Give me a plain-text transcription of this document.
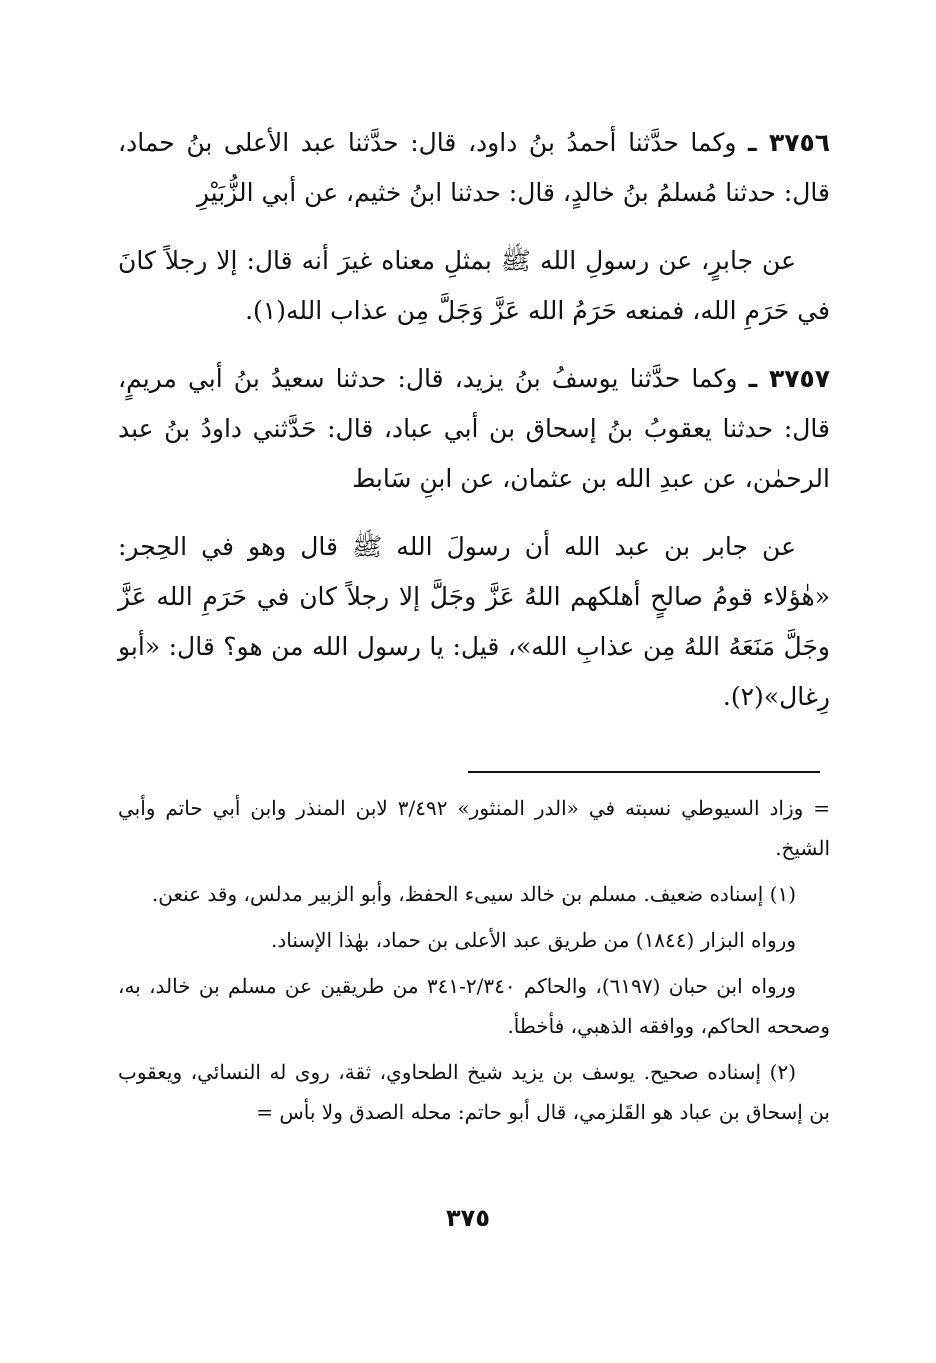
٣٧٥٦ ـ وكما حدَّثنا أحمدُ بنُ داود، قال: حدَّثنا عبد الأعلى بنُ حماد، قال: حدثنا مُسلمُ بنُ خالدٍ، قال: حدثنا ابنُ خثيم، عن أبي الزُّبَيْرِ

عن جابرٍ، عن رسولِ الله ﷺ بمثلِ معناه غيرَ أنه قال: إلا رجلاً كانَ في حَرَمِ الله، فمنعه حَرَمُ الله عَزَّ وَجَلَّ مِن عذاب الله(١).

٣٧٥٧ ـ وكما حدَّثنا يوسفُ بنُ يزيد، قال: حدثنا سعيدُ بنُ أبي مريمٍ، قال: حدثنا يعقوبُ بنُ إسحاق بن أبي عباد، قال: حَدَّثني داودُ بنُ عبد الرحمٰن، عن عبدِ الله بن عثمان، عن ابنِ سَابط

عن جابر بن عبد الله أن رسولَ الله ﷺ قال وهو في الحِجر: «هٰؤلاء قومُ صالحٍ أهلكهم اللهُ عَزَّ وجَلَّ إلا رجلاً كان في حَرَمِ الله عَزَّ وجَلَّ مَنَعَهُ اللهُ مِن عذابِ الله»، قيل: يا رسول الله من هو؟ قال: «أبو رِغال»(٢).

= وزاد السيوطي نسبته في «الدر المنثور» ٣/٤٩٢ لابن المنذر وابن أبي حاتم وأبي الشيخ.

(١) إسناده ضعيف. مسلم بن خالد سيىء الحفظ، وأبو الزبير مدلس، وقد عنعن.

ورواه البزار (١٨٤٤) من طريق عبد الأعلى بن حماد، بهٰذا الإسناد.

ورواه ابن حبان (٦١٩٧)، والحاكم ٢/٣٤٠-٣٤١ من طريقين عن مسلم بن خالد، به، وصححه الحاكم، ووافقه الذهبي، فأخطأ.

(٢) إسناده صحيح. يوسف بن يزيد شيخ الطحاوي، ثقة، روى له النسائي، ويعقوب بن إسحاق بن عباد هو القَلزمي، قال أبو حاتم: محله الصدق ولا بأس =

٣٧٥
